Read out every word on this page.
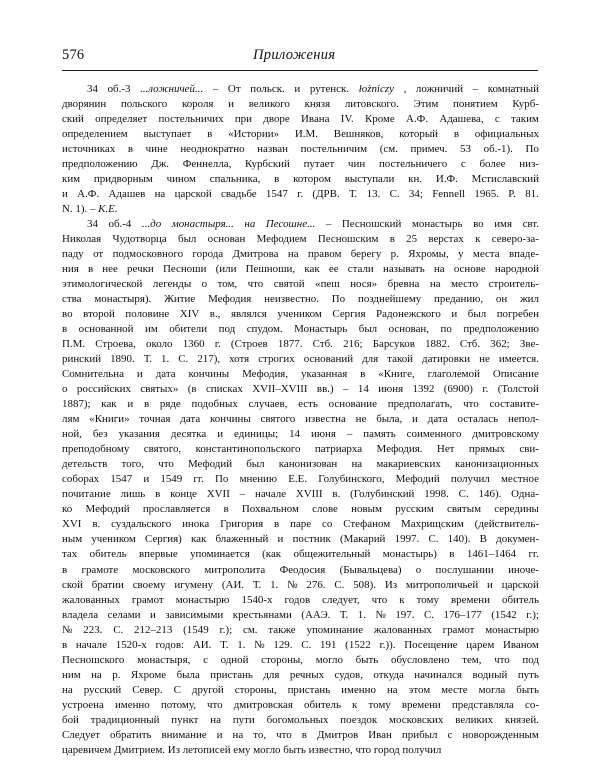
576	Приложения
34 об.-3 ...ложничей... – От польск. и рутенск. łożniczy , ложничий – комнатный
дворянин польского короля и великого князя литовского. Этим понятием Курб-
ский определяет постельничих при дворе Ивана IV. Кроме А.Ф. Адашева, с таким
определением выступает в «Истории» И.М. Вешняков, который в официальных
источниках в чине неоднократно назван постельничим (см. примеч. 53 об.-1). По
предположению Дж. Феннелла, Курбский путает чин постельничего с более низ-
ким придворным чином спальника, в котором выступали кн. И.Ф. Мстиславский
и А.Ф. Адашев на царской свадьбе 1547 г. (ДРВ. Т. 13. С. 34; Fennell 1965. P. 81.
N. 1). – К.Е.
34 об.-4 ...до монастыря... на Песошне... – Песношский монастырь во имя свт.
Николая Чудотворца был основан Мефодием Песношским в 25 верстах к северо-за-
паду от подмосковного города Дмитрова на правом берегу р. Яхромы, у места впаде-
ния в нее речки Песноши (или Пешноши, как ее стали называть на основе народной
этимологической легенды о том, что святой «пеш нося» бревна на место строитель-
ства монастыря). Житие Мефодия неизвестно. По позднейшему преданию, он жил
во второй половине XIV в., являлся учеником Сергия Радонежского и был погребен
в основанной им обители под спудом. Монастырь был основан, по предположению
П.М. Строева, около 1360 г. (Строев 1877. Стб. 216; Барсуков 1882. Стб. 362; Зве-
ринский 1890. Т. 1. С. 217), хотя строгих оснований для такой датировки не имеется.
Сомнительна и дата кончины Мефодия, указанная в «Книге, глаголемой Описание
о российских святых» (в списках XVII–XVIII вв.) – 14 июня 1392 (6900) г. (Толстой
1887); как и в ряде подобных случаев, есть основание предполагать, что составите-
лям «Книги» точная дата кончины святого известна не была, и дата осталась непол-
ной, без указания десятка и единицы; 14 июня – память соименного дмитровскому
преподобному святого, константинопольского патриарха Мефодия. Нет прямых сви-
детельств того, что Мефодий был канонизован на макариевских канонизационных
соборах 1547 и 1549 гг. По мнению Е.Е. Голубинского, Мефодий получил местное
почитание лишь в конце XVII – начале XVIII в. (Голубинский 1998. С. 146). Одна-
ко Мефодий прославляется в Похвальном слове новым русским святым середины
XVI в. суздальского инока Григория в паре со Стефаном Махрищским (действитель-
ным учеником Сергия) как блаженный и постник (Макарий 1997. С. 140). В докумен-
тах обитель впервые упоминается (как общежительный монастырь) в 1461–1464 гг.
в грамоте московского митрополита Феодосия (Бывальцева) о послушании иноче-
ской братии своему игумену (АИ. Т. 1. № 276. С. 508). Из митрополичьей и царской
жалованных грамот монастырю 1540-х годов следует, что к тому времени обитель
владела селами и зависимыми крестьянами (ААЭ. Т. 1. № 197. С. 176–177 (1542 г.);
№ 223. С. 212–213 (1549 г.); см. также упоминание жалованных грамот монастырю
в начале 1520-х годов: АИ. Т. 1. № 129. С. 191 (1522 г.)). Посещение царем Иваном
Песношского монастыря, с одной стороны, могло быть обусловлено тем, что под
ним на р. Яхроме была пристань для речных судов, откуда начинался водный путь
на русский Север. С другой стороны, пристань именно на этом месте могла быть
устроена именно потому, что дмитровская обитель к тому времени представляла со-
бой традиционный пункт на пути богомольных поездок московских великих князей.
Следует обратить внимание и на то, что в Дмитров Иван прибыл с новорожденным
царевичем Дмитрием. Из летописей ему могло быть известно, что город получил
